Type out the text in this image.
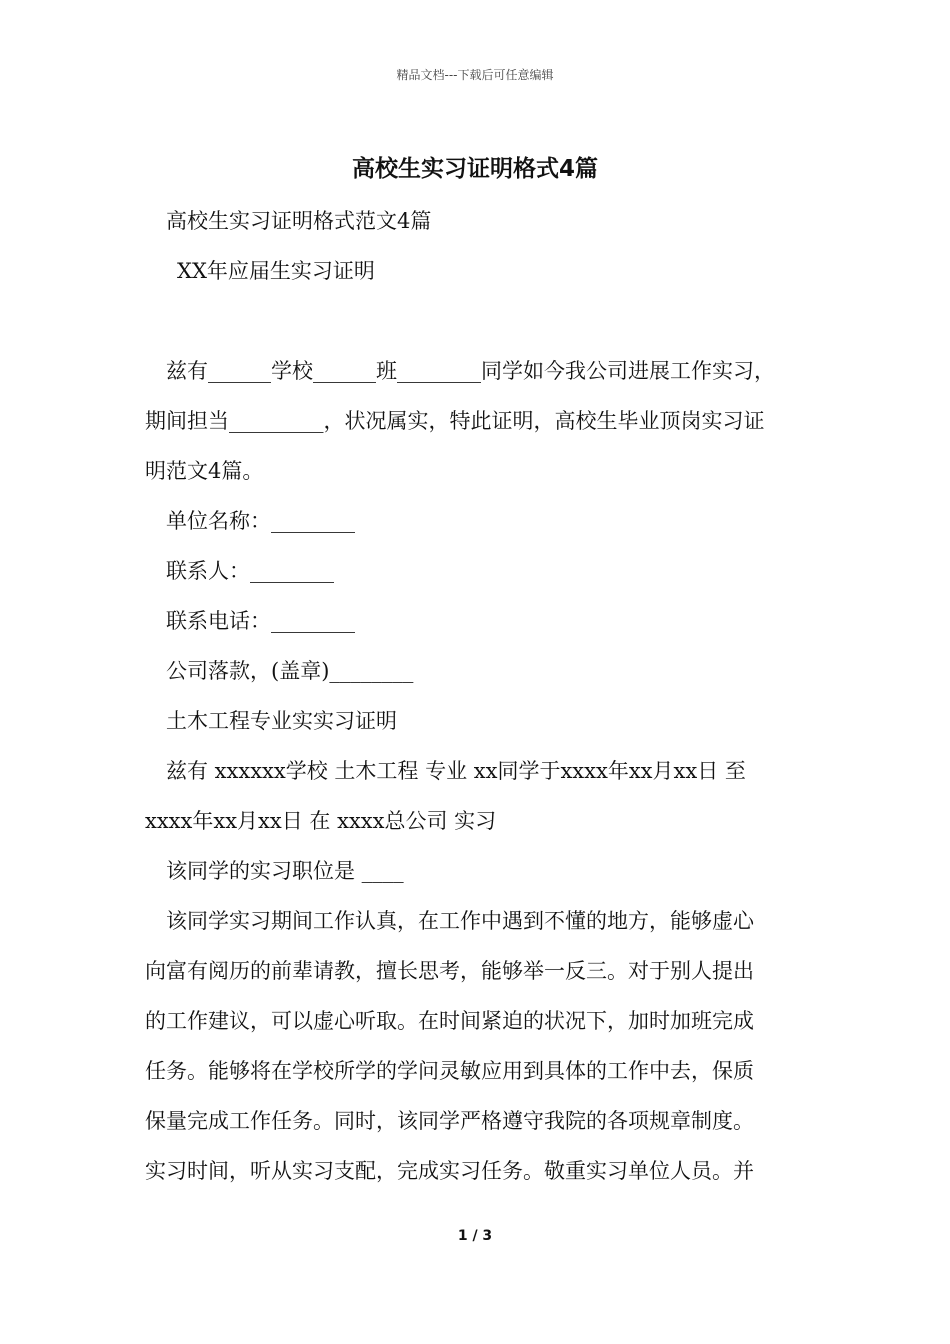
精品文档---下载后可任意编辑
高校生实习证明格式4篇
高校生实习证明格式范文4篇
XX年应届生实习证明
兹有______学校______班________同学如今我公司进展工作实习，
期间担当_________，状况属实，特此证明，高校生毕业顶岗实习证
明范文4篇。
单位名称：________
联系人：________
联系电话：________
公司落款，(盖章)________
土木工程专业实实习证明
兹有 xxxxxx学校 土木工程 专业 xx同学于xxxx年xx月xx日 至
xxxx年xx月xx日 在 xxxx总公司 实习
该同学的实习职位是 ____
该同学实习期间工作认真，在工作中遇到不懂的地方，能够虚心
向富有阅历的前辈请教，擅长思考，能够举一反三。对于别人提出
的工作建议，可以虚心听取。在时间紧迫的状况下，加时加班完成
任务。能够将在学校所学的学问灵敏应用到具体的工作中去，保质
保量完成工作任务。同时，该同学严格遵守我院的各项规章制度。
实习时间，听从实习支配，完成实习任务。敬重实习单位人员。并
1 / 3
